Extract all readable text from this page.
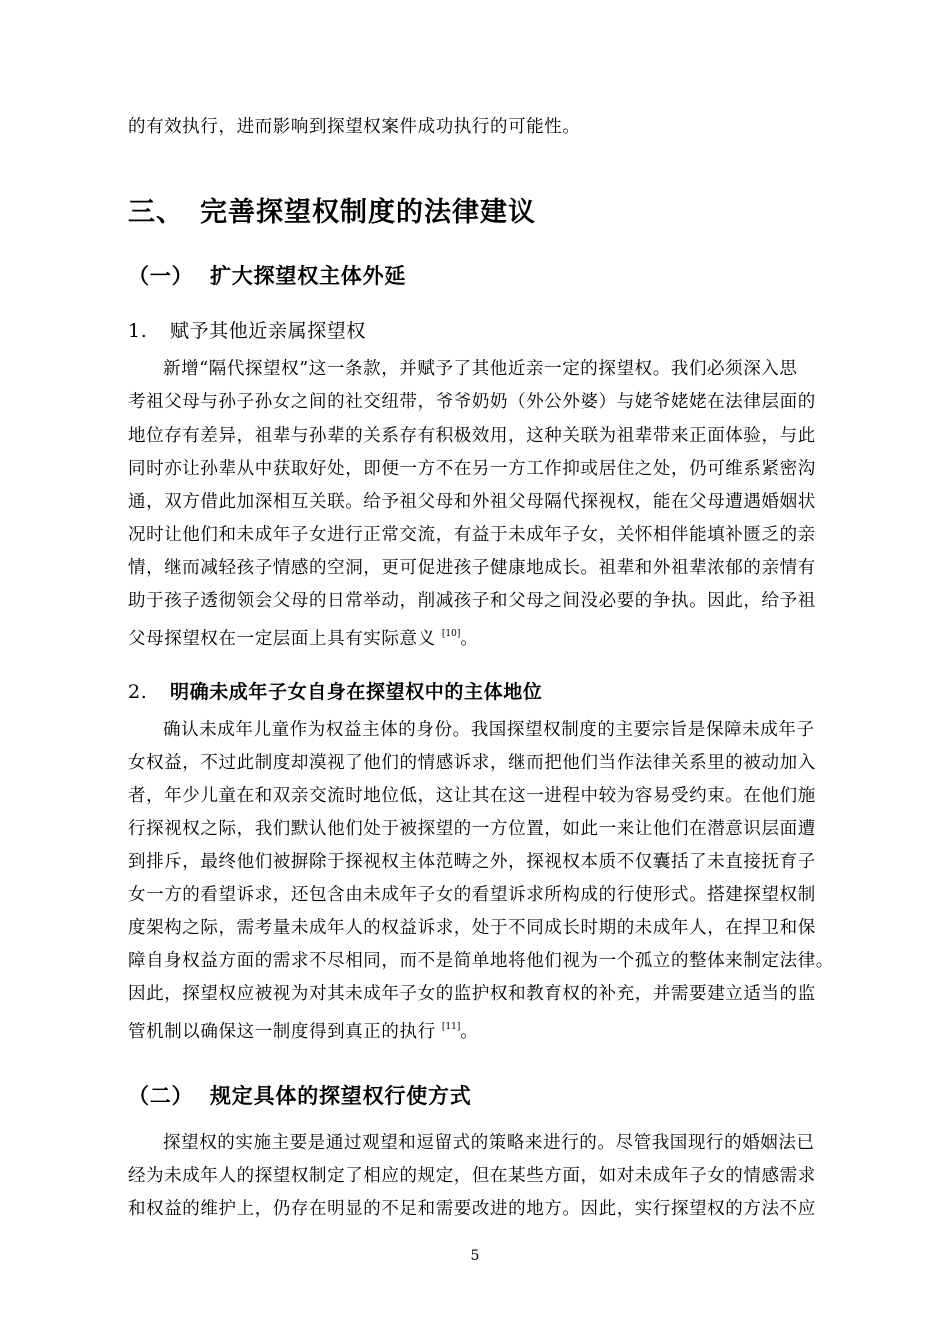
的有效执行，进而影响到探望权案件成功执行的可能性。
三、 完善探望权制度的法律建议
（一） 扩大探望权主体外延
1. 赋予其他近亲属探望权
新增“隔代探望权”这一条款，并赋予了其他近亲一定的探望权。我们必须深入思
考祖父母与孙子孙女之间的社交纽带，爷爷奶奶（外公外婆）与姥爷姥姥在法律层面的
地位存有差异，祖辈与孙辈的关系存有积极效用，这种关联为祖辈带来正面体验，与此
同时亦让孙辈从中获取好处，即便一方不在另一方工作抑或居住之处，仍可维系紧密沟
通，双方借此加深相互关联。给予祖父母和外祖父母隔代探视权，能在父母遭遇婚姻状
况时让他们和未成年子女进行正常交流，有益于未成年子女，关怀相伴能填补匮乏的亲
情，继而减轻孩子情感的空洞，更可促进孩子健康地成长。祖辈和外祖辈浓郁的亲情有
助于孩子透彻领会父母的日常举动，削减孩子和父母之间没必要的争执。因此，给予祖
父母探望权在一定层面上具有实际意义 [10]。
2. 明确未成年子女自身在探望权中的主体地位
确认未成年儿童作为权益主体的身份。我国探望权制度的主要宗旨是保障未成年子
女权益，不过此制度却漠视了他们的情感诉求，继而把他们当作法律关系里的被动加入
者，年少儿童在和双亲交流时地位低，这让其在这一进程中较为容易受约束。在他们施
行探视权之际，我们默认他们处于被探望的一方位置，如此一来让他们在潜意识层面遭
到排斥，最终他们被摒除于探视权主体范畴之外，探视权本质不仅囊括了未直接抚育子
女一方的看望诉求，还包含由未成年子女的看望诉求所构成的行使形式。搭建探望权制
度架构之际，需考量未成年人的权益诉求，处于不同成长时期的未成年人，在捍卫和保
障自身权益方面的需求不尽相同，而不是简单地将他们视为一个孤立的整体来制定法律。
因此，探望权应被视为对其未成年子女的监护权和教育权的补充，并需要建立适当的监
管机制以确保这一制度得到真正的执行 [11]。
（二） 规定具体的探望权行使方式
探望权的实施主要是通过观望和逗留式的策略来进行的。尽管我国现行的婚姻法已
经为未成年人的探望权制定了相应的规定，但在某些方面，如对未成年子女的情感需求
和权益的维护上，仍存在明显的不足和需要改进的地方。因此，实行探望权的方法不应
5
